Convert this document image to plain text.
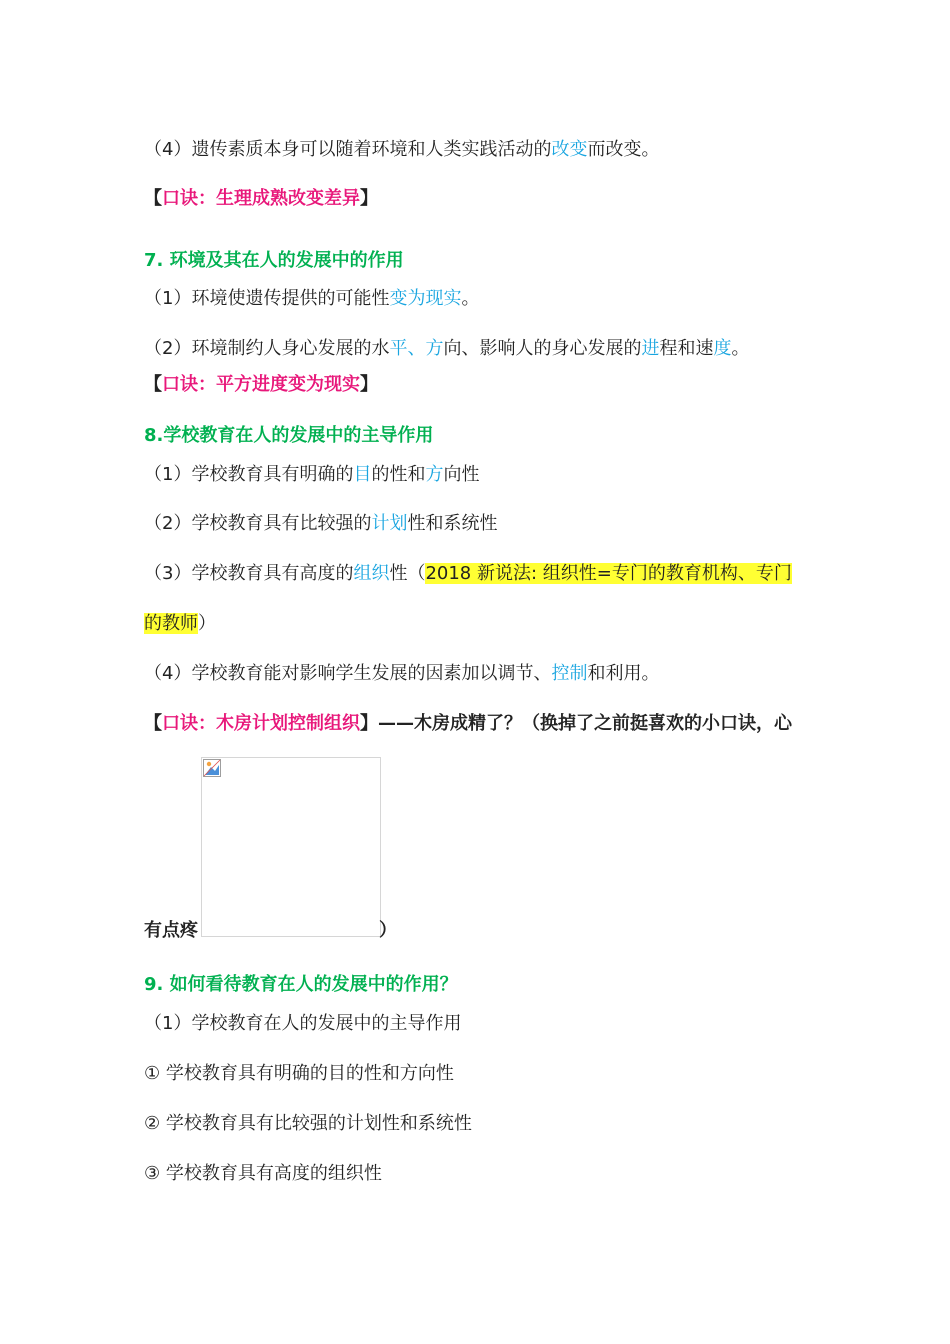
（4）遗传素质本身可以随着环境和人类实践活动的改变而改变。
【口诀：生理成熟改变差异】
7. 环境及其在人的发展中的作用
（1）环境使遗传提供的可能性变为现实。
（2）环境制约人身心发展的水平、方向、影响人的身心发展的进程和速度。
【口诀：平方进度变为现实】
8.学校教育在人的发展中的主导作用
（1）学校教育具有明确的目的性和方向性
（2）学校教育具有比较强的计划性和系统性
（3）学校教育具有高度的组织性（2018 新说法: 组织性=专门的教育机构、专门
的教师）
（4）学校教育能对影响学生发展的因素加以调节、控制和利用。
【口诀：木房计划控制组织】——木房成精了？（换掉了之前挺喜欢的小口诀，心
有点疼	）
9. 如何看待教育在人的发展中的作用？
（1）学校教育在人的发展中的主导作用
① 学校教育具有明确的目的性和方向性
② 学校教育具有比较强的计划性和系统性
③ 学校教育具有高度的组织性
